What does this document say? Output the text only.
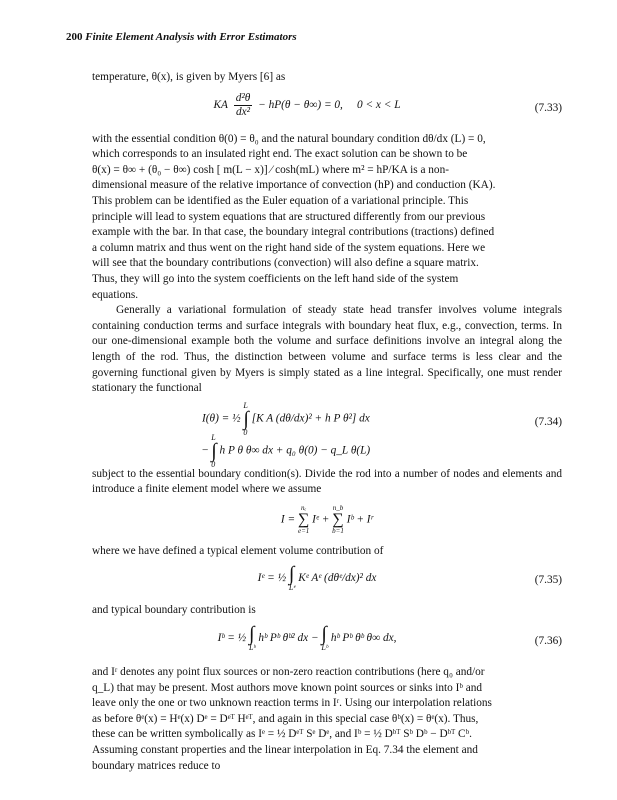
200 Finite Element Analysis with Error Estimators

temperature, θ(x), is given by Myers [6] as

KA $\frac{\text{d²θ}}{\text{dx²}} - hP(\theta - \theta\infty) = 0$, 0 < x < L	(7.33)

with the essential condition θ(0) = θ₀ and the natural boundary condition dθ/dx (L) = 0,
which corresponds to an insulated right end. The exact solution can be shown to be
θ(x) = θ∞ + (θ₀ − θ∞) cosh [ m(L − x)] ⁄ cosh(mL) where m² = hP/KA is a non-
dimensional measure of the relative importance of convection (hP) and conduction (KA).
This problem can be identified as the Euler equation of a variational principle. This
principle will lead to system equations that are structured differently from our previous
example with the bar. In that case, the boundary integral contributions (tractions) defined
a column matrix and thus went on the right hand side of the system equations. Here we
will see that the boundary contributions (convection) will also define a square matrix.
Thus, they will go into the system coefficients on the left hand side of the system
equations.

Generally a variational formulation of steady state head transfer involves volume integrals containing conduction terms and surface integrals with boundary heat flux, e.g., convection, terms. In our one-dimensional example both the volume and surface definitions involve an integral along the length of the rod. Thus, the distinction between volume and surface terms is less clear and the governing functional given by Myers is simply stated as a line integral. Specifically, one must render stationary the functional

I(θ) = ½
L
∫
0
[K A (dθ/dx)² + h P θ²] dx	(7.34)
−
L
∫
0
h P θ θ∞ dx + q₀ θ(0) − q_L θ(L)

subject to the essential boundary condition(s). Divide the rod into a number of nodes and elements and introduce a finite element model where we assume

I =
nₑ
∑
e=1
Iᵉ +
n_b
∑
b=1
Iᵇ + Iʳ

where we have defined a typical element volume contribution of

Iᵉ = ½ ∫
Lᵉ
Kᵉ Aᵉ (dθᵉ/dx)² dx	(7.35)

and typical boundary contribution is

Iᵇ = ½ ∫
Lᵇ
hᵇ Pᵇ θᵇ² dx − ∫
Lᵇ
hᵇ Pᵇ θᵇ θ∞ dx,	(7.36)

and Iʳ denotes any point flux sources or non-zero reaction contributions (here q₀ and/or
q_L) that may be present. Most authors move known point sources or sinks into Iᵇ and
leave only the one or two unknown reaction terms in Iʳ. Using our interpolation relations
as before θᵉ(x) = Hᵉ(x) Dᵉ = Dᵉᵀ Hᵉᵀ, and again in this special case θᵇ(x) = θᵉ(x). Thus,
these can be written symbolically as Iᵉ = ½ Dᵉᵀ Sᵉ Dᵉ, and Iᵇ = ½ Dᵇᵀ Sᵇ Dᵇ − Dᵇᵀ Cᵇ.
Assuming constant properties and the linear interpolation in Eq. 7.34 the element and
boundary matrices reduce to
